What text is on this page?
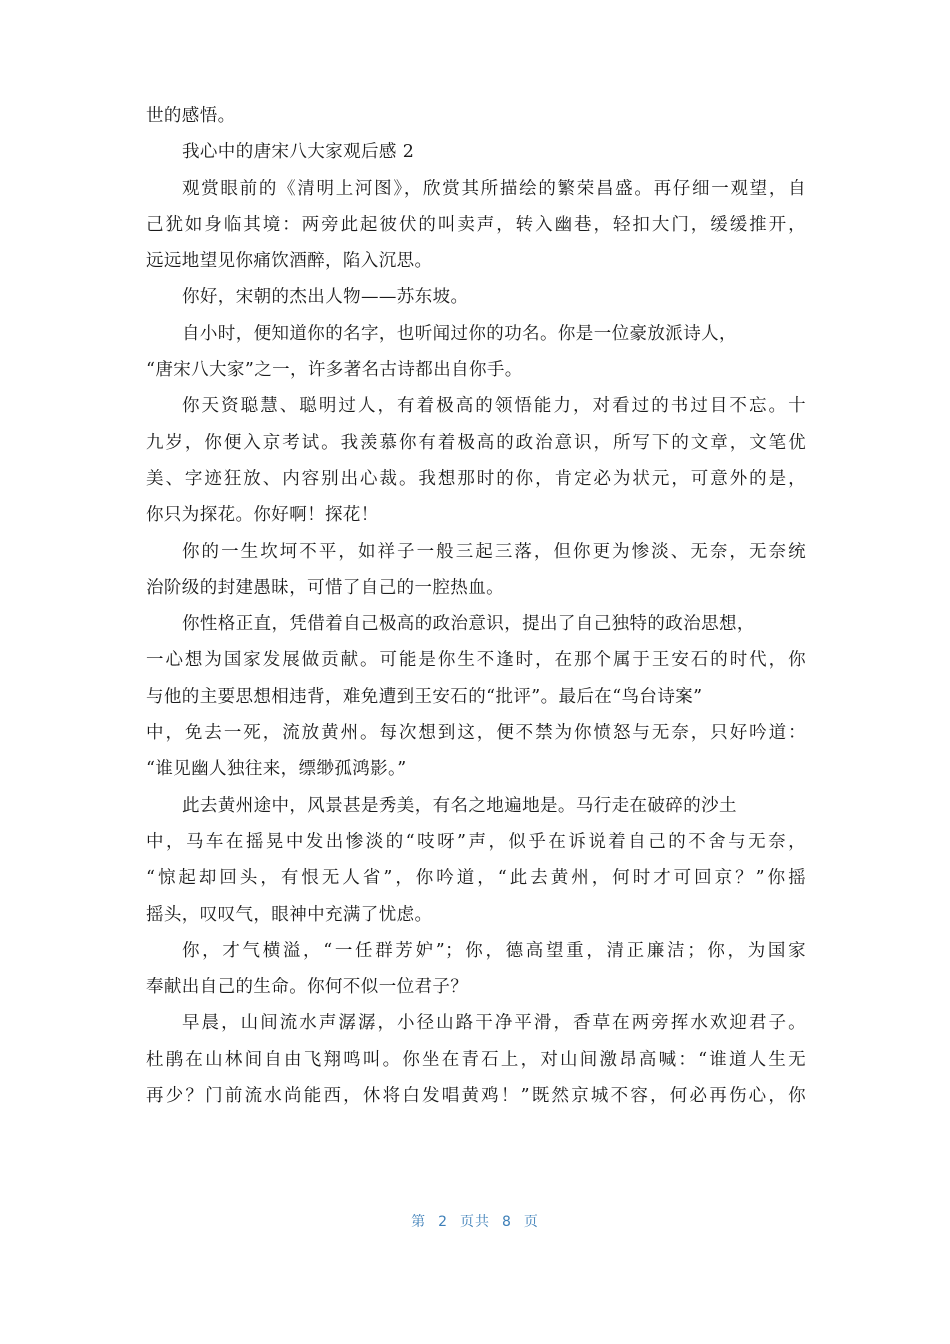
世的感悟。
我心中的唐宋八大家观后感 2
观赏眼前的《清明上河图》，欣赏其所描绘的繁荣昌盛。再仔细一观望，自
己犹如身临其境：两旁此起彼伏的叫卖声，转入幽巷，轻扣大门，缓缓推开，
远远地望见你痛饮酒醉，陷入沉思。
你好，宋朝的杰出人物——苏东坡。
自小时，便知道你的名字，也听闻过你的功名。你是一位豪放派诗人，
“唐宋八大家”之一，许多著名古诗都出自你手。
你天资聪慧、聪明过人，有着极高的领悟能力，对看过的书过目不忘。十
九岁，你便入京考试。我羡慕你有着极高的政治意识，所写下的文章，文笔优
美、字迹狂放、内容别出心裁。我想那时的你，肯定必为状元，可意外的是，
你只为探花。你好啊！探花！
你的一生坎坷不平，如祥子一般三起三落，但你更为惨淡、无奈，无奈统
治阶级的封建愚昧，可惜了自己的一腔热血。
你性格正直，凭借着自己极高的政治意识，提出了自己独特的政治思想，
一心想为国家发展做贡献。可能是你生不逢时，在那个属于王安石的时代，你
与他的主要思想相违背，难免遭到王安石的“批评”。最后在“鸟台诗案”
中，免去一死，流放黄州。每次想到这，便不禁为你愤怒与无奈，只好吟道：
“谁见幽人独往来，缥缈孤鸿影。”
此去黄州途中，风景甚是秀美，有名之地遍地是。马行走在破碎的沙土
中，马车在摇晃中发出惨淡的“吱呀”声，似乎在诉说着自己的不舍与无奈，
“惊起却回头，有恨无人省”，你吟道，“此去黄州，何时才可回京？”你摇
摇头，叹叹气，眼神中充满了忧虑。
你，才气横溢，“一任群芳妒”；你，德高望重，清正廉洁；你，为国家
奉献出自己的生命。你何不似一位君子？
早晨，山间流水声潺潺，小径山路干净平滑，香草在两旁挥水欢迎君子。
杜鹃在山林间自由飞翔鸣叫。你坐在青石上，对山间激昂高喊：“谁道人生无
再少？门前流水尚能西，休将白发唱黄鸡！”既然京城不容，何必再伤心，你
第 2 页共 8 页
